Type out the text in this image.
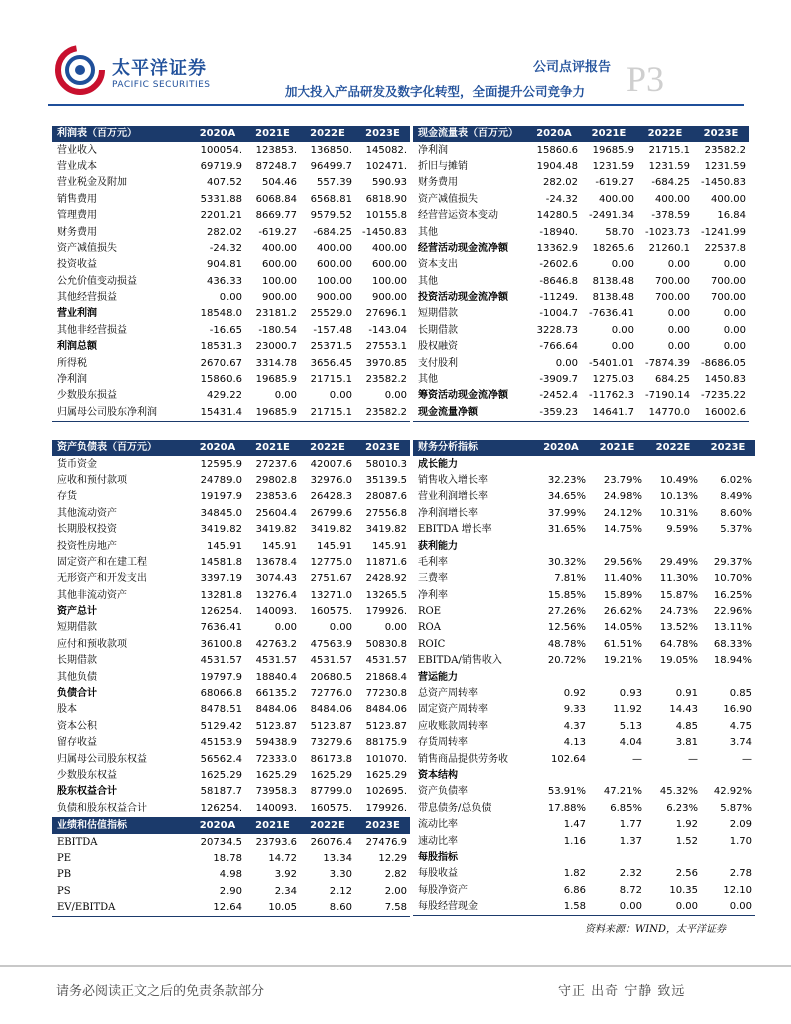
太平洋证券
PACIFIC SECURITIES
公司点评报告
加大投入产品研发及数字化转型，全面提升公司竞争力 P3
利润表（百万元）	2020A	2021E	2022E	2023E
营业收入	100054.	123853.	136850.	145082.
营业成本	69719.9	87248.7	96499.7	102471.
营业税金及附加	407.52	504.46	557.39	590.93
销售费用	5331.88	6068.84	6568.81	6818.90
管理费用	2201.21	8669.77	9579.52	10155.8
财务费用	282.02	-619.27	-684.25	-1450.83
资产减值损失	-24.32	400.00	400.00	400.00
投资收益	904.81	600.00	600.00	600.00
公允价值变动损益	436.33	100.00	100.00	100.00
其他经营损益	0.00	900.00	900.00	900.00
营业利润	18548.0	23181.2	25529.0	27696.1
其他非经营损益	-16.65	-180.54	-157.48	-143.04
利润总额	18531.3	23000.7	25371.5	27553.1
所得税	2670.67	3314.78	3656.45	3970.85
净利润	15860.6	19685.9	21715.1	23582.2
少数股东损益	429.22	0.00	0.00	0.00
归属母公司股东净利润	15431.4	19685.9	21715.1	23582.2
现金流量表（百万元）	2020A	2021E	2022E	2023E
净利润	15860.6	19685.9	21715.1	23582.2
折旧与摊销	1904.48	1231.59	1231.59	1231.59
财务费用	282.02	-619.27	-684.25	-1450.83
资产减值损失	-24.32	400.00	400.00	400.00
经营营运资本变动	14280.5	-2491.34	-378.59	16.84
其他	-18940.	58.70	-1023.73	-1241.99
经营活动现金流净额	13362.9	18265.6	21260.1	22537.8
资本支出	-2602.6	0.00	0.00	0.00
其他	-8646.8	8138.48	700.00	700.00
投资活动现金流净额	-11249.	8138.48	700.00	700.00
短期借款	-1004.7	-7636.41	0.00	0.00
长期借款	3228.73	0.00	0.00	0.00
股权融资	-766.64	0.00	0.00	0.00
支付股利	0.00	-5401.01	-7874.39	-8686.05
其他	-3909.7	1275.03	684.25	1450.83
筹资活动现金流净额	-2452.4	-11762.3	-7190.14	-7235.22
现金流量净额	-359.23	14641.7	14770.0	16002.6
资产负债表（百万元）	2020A	2021E	2022E	2023E
货币资金	12595.9	27237.6	42007.6	58010.3
应收和预付款项	24789.0	29802.8	32976.0	35139.5
存货	19197.9	23853.6	26428.3	28087.6
其他流动资产	34845.0	25604.4	26799.6	27556.8
长期股权投资	3419.82	3419.82	3419.82	3419.82
投资性房地产	145.91	145.91	145.91	145.91
固定资产和在建工程	14581.8	13678.4	12775.0	11871.6
无形资产和开发支出	3397.19	3074.43	2751.67	2428.92
其他非流动资产	13281.8	13276.4	13271.0	13265.5
资产总计	126254.	140093.	160575.	179926.
短期借款	7636.41	0.00	0.00	0.00
应付和预收款项	36100.8	42763.2	47563.9	50830.8
长期借款	4531.57	4531.57	4531.57	4531.57
其他负债	19797.9	18840.4	20680.5	21868.4
负债合计	68066.8	66135.2	72776.0	77230.8
股本	8478.51	8484.06	8484.06	8484.06
资本公积	5129.42	5123.87	5123.87	5123.87
留存收益	45153.9	59438.9	73279.6	88175.9
归属母公司股东权益	56562.4	72333.0	86173.8	101070.
少数股东权益	1625.29	1625.29	1625.29	1625.29
股东权益合计	58187.7	73958.3	87799.0	102695.
负债和股东权益合计	126254.	140093.	160575.	179926.
财务分析指标	2020A	2021E	2022E	2023E
成长能力				
销售收入增长率	32.23%	23.79%	10.49%	6.02%
营业利润增长率	34.65%	24.98%	10.13%	8.49%
净利润增长率	37.99%	24.12%	10.31%	8.60%
EBITDA 增长率	31.65%	14.75%	9.59%	5.37%
获利能力				
毛利率	30.32%	29.56%	29.49%	29.37%
三费率	7.81%	11.40%	11.30%	10.70%
净利率	15.85%	15.89%	15.87%	16.25%
ROE	27.26%	26.62%	24.73%	22.96%
ROA	12.56%	14.05%	13.52%	13.11%
ROIC	48.78%	61.51%	64.78%	68.33%
EBITDA/销售收入	20.72%	19.21%	19.05%	18.94%
营运能力				
总资产周转率	0.92	0.93	0.91	0.85
固定资产周转率	9.33	11.92	14.43	16.90
应收账款周转率	4.37	5.13	4.85	4.75
存货周转率	4.13	4.04	3.81	3.74
销售商品提供劳务收	102.64	—	—	—
资本结构				
资产负债率	53.91%	47.21%	45.32%	42.92%
带息债务/总负债	17.88%	6.85%	6.23%	5.87%
流动比率	1.47	1.77	1.92	2.09
速动比率	1.16	1.37	1.52	1.70
每股指标				
每股收益	1.82	2.32	2.56	2.78
每股净资产	6.86	8.72	10.35	12.10
每股经营现金	1.58	0.00	0.00	0.00
业绩和估值指标	2020A	2021E	2022E	2023E
EBITDA	20734.5	23793.6	26076.4	27476.9
PE	18.78	14.72	13.34	12.29
PB	4.98	3.92	3.30	2.82
PS	2.90	2.34	2.12	2.00
EV/EBITDA	12.64	10.05	8.60	7.58
资料来源：WIND，太平洋证券
请务必阅读正文之后的免责条款部分	守正 出奇 宁静 致远
